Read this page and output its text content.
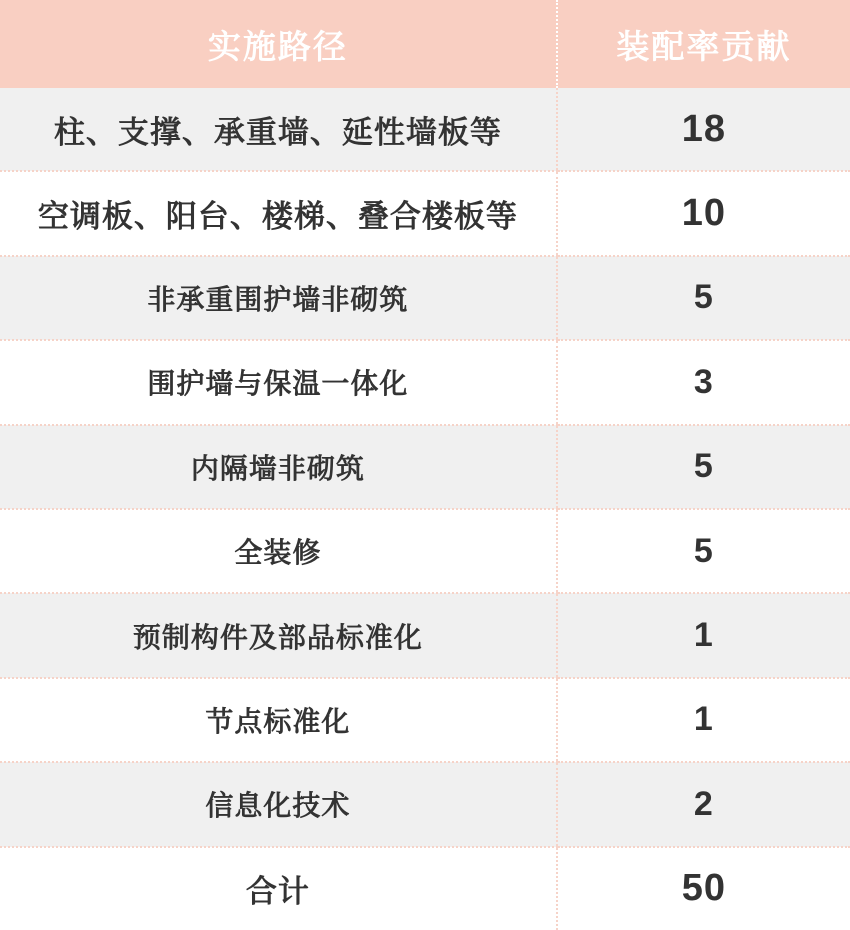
实施路径	装配率贡献
柱、支撑、承重墙、延性墙板等	18
空调板、阳台、楼梯、叠合楼板等	10
非承重围护墙非砌筑	5
围护墙与保温一体化	3
内隔墙非砌筑	5
全装修	5
预制构件及部品标准化	1
节点标准化	1
信息化技术	2
合计	50
